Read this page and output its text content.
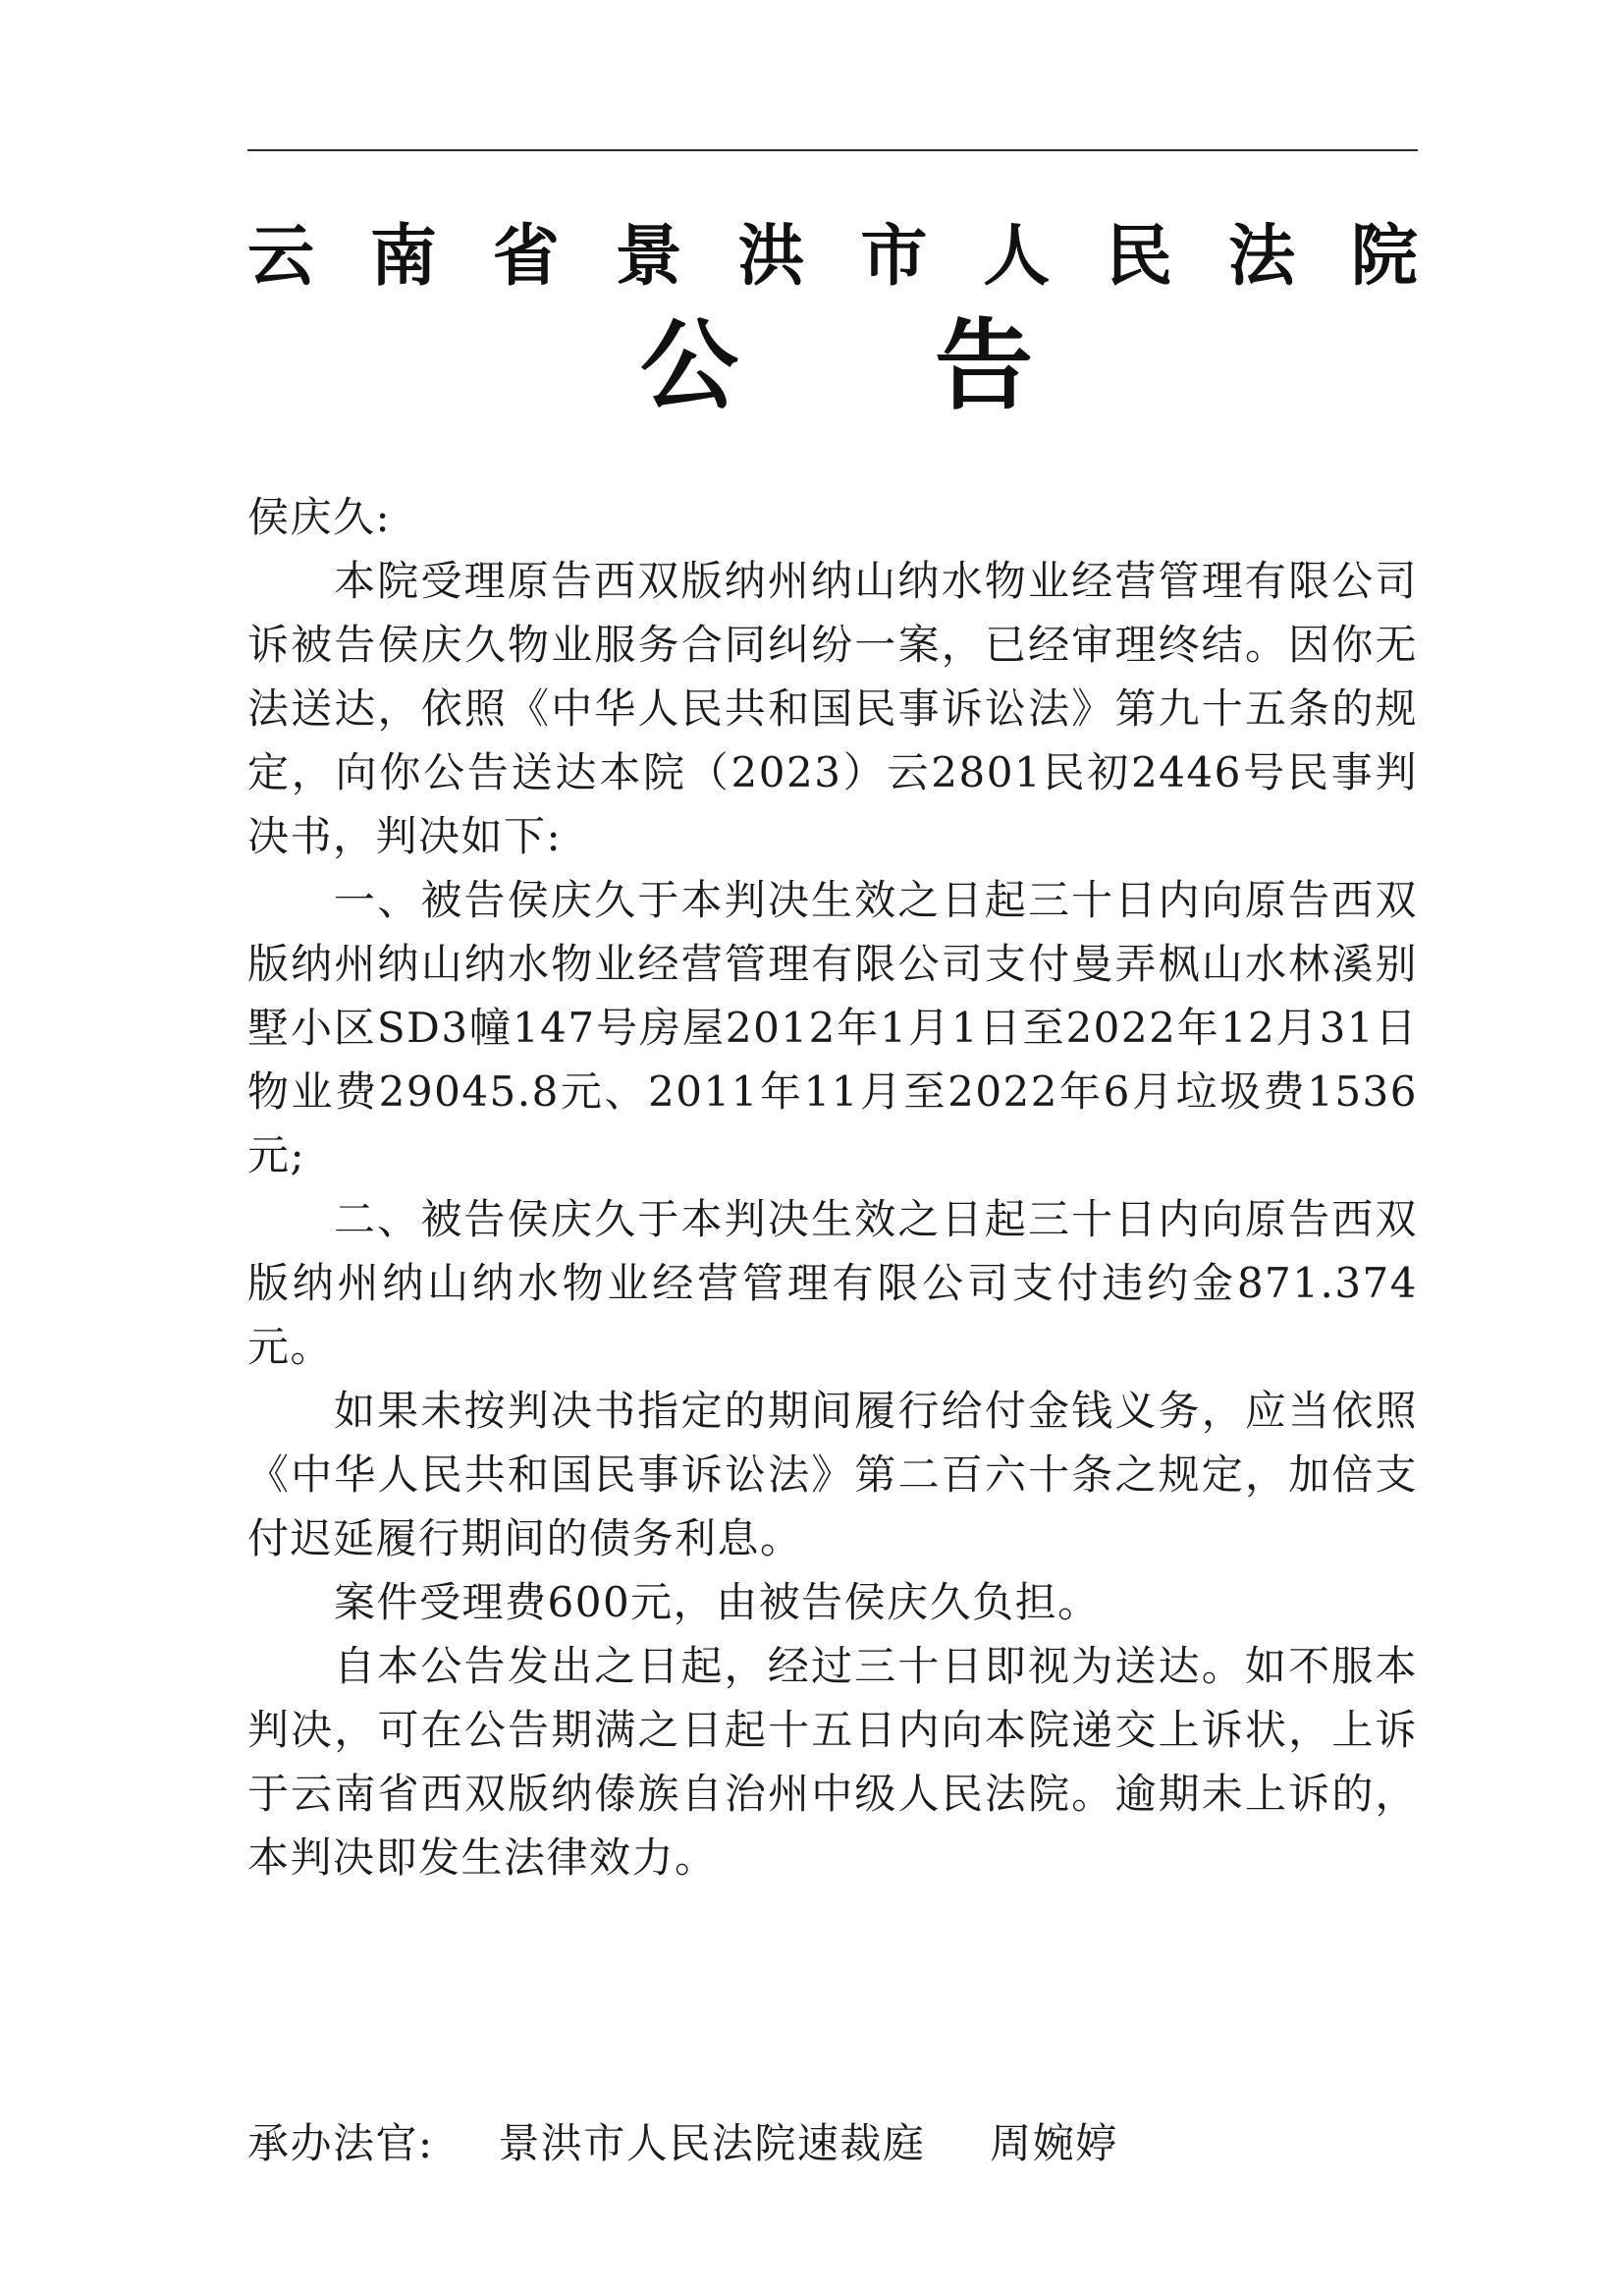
云 南 省 景 洪 市 人 民 法 院
公 告

侯庆久:

本院受理原告西双版纳州纳山纳水物业经营管理有限公司诉被告侯庆久物业服务合同纠纷一案，已经审理终结。因你无法送达，依照《中华人民共和国民事诉讼法》第九十五条的规定，向你公告送达本院（2023）云2801民初2446号民事判决书，判决如下:

一、被告侯庆久于本判决生效之日起三十日内向原告西双版纳州纳山纳水物业经营管理有限公司支付曼弄枫山水林溪别墅小区SD3幢147号房屋2012年1月1日至2022年12月31日物业费29045.8元、2011年11月至2022年6月垃圾费1536元;

二、被告侯庆久于本判决生效之日起三十日内向原告西双版纳州纳山纳水物业经营管理有限公司支付违约金871.374元。

如果未按判决书指定的期间履行给付金钱义务，应当依照《中华人民共和国民事诉讼法》第二百六十条之规定，加倍支付迟延履行期间的债务利息。

案件受理费600元，由被告侯庆久负担。

自本公告发出之日起，经过三十日即视为送达。如不服本判决，可在公告期满之日起十五日内向本院递交上诉状，上诉于云南省西双版纳傣族自治州中级人民法院。逾期未上诉的，本判决即发生法律效力。

承办法官: 景洪市人民法院速裁庭 周婉婷
